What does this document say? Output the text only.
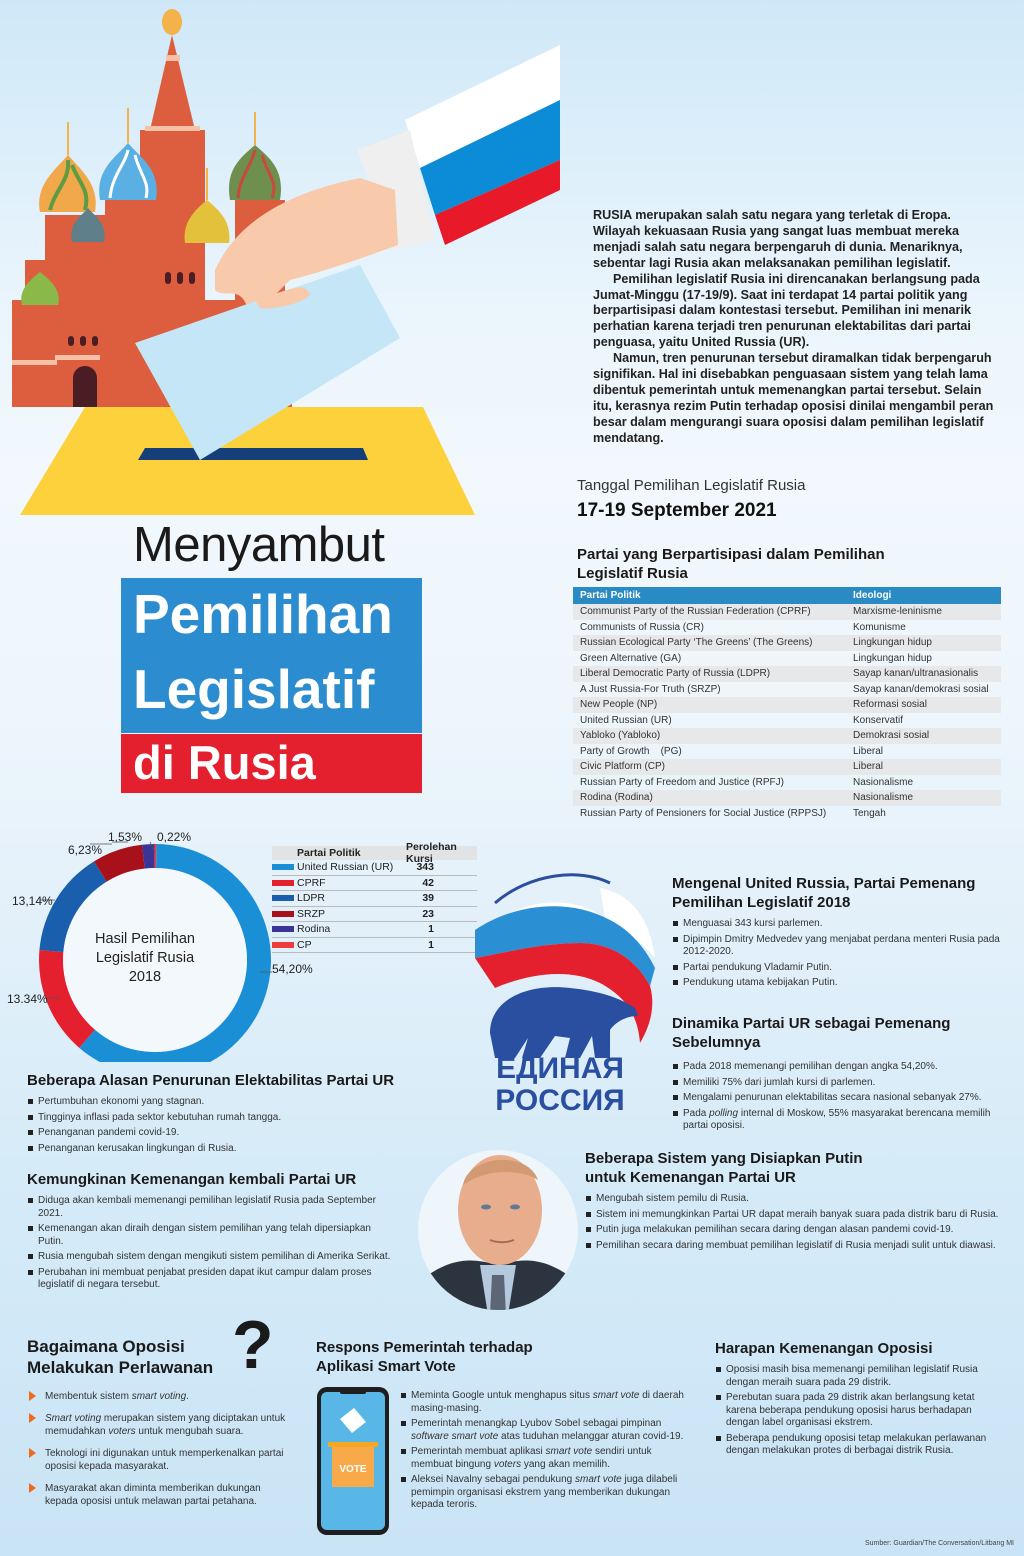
RUSIA merupakan salah satu negara yang terletak di Eropa. Wilayah kekuasaan Rusia yang sangat luas membuat mereka menjadi salah satu negara berpengaruh di dunia. Menariknya, sebentar lagi Rusia akan melaksanakan pemilihan legislatif.

Pemilihan legislatif Rusia ini direncanakan berlangsung pada Jumat-Minggu (17-19/9). Saat ini terdapat 14 partai politik yang berpartisipasi dalam kontestasi tersebut. Pemilihan ini menarik perhatian karena terjadi tren penurunan elektabilitas dari partai penguasa, yaitu United Russia (UR).

Namun, tren penurunan tersebut diramalkan tidak berpengaruh signifikan. Hal ini disebabkan penguasaan sistem yang telah lama dibentuk pemerintah untuk memenangkan partai tersebut. Selain itu, kerasnya rezim Putin terhadap oposisi dinilai mengambil peran besar dalam mengurangi suara oposisi dalam pemilihan legislatif mendatang.

Tanggal Pemilihan Legislatif Rusia
17-19 September 2021
Menyambut
Pemilihan
Legislatif
di Rusia
Partai yang Berpartisipasi dalam Pemilihan Legislatif Rusia
Partai Politik	Ideologi
Communist Party of the Russian Federation (CPRF)	Marxisme-leninisme
Communists of Russia (CR)	Komunisme
Russian Ecological Party ‘The Greens’ (The Greens)	Lingkungan hidup
Green Alternative (GA)	Lingkungan hidup
Liberal Democratic Party of Russia (LDPR)	Sayap kanan/ultranasionalis
A Just Russia-For Truth (SRZP)	Sayap kanan/demokrasi sosial
New People (NP)	Reformasi sosial
United Russian (UR)	Konservatif
Yabloko (Yabloko)	Demokrasi sosial
Party of Growth    (PG)	Liberal
Civic Platform (CP)	Liberal
Russian Party of Freedom and Justice (RPFJ)	Nasionalisme
Rodina (Rodina)	Nasionalisme
Russian Party of Pensioners for Social Justice (RPPSJ)	Tengah
Hasil Pemilihan Legislatif Rusia 2018	54,20%
13.34%
13,14%
6,23%
1,53% 0,22%
Partai Politik	Perolehan Kursi
United Russian (UR)	343
CPRF	42
LDPR	39
SRZP	23
Rodina	1
CP	1
ЕДИНАЯ
РОССИЯ
Mengenal United Russia, Partai Pemenang Pemilihan Legislatif 2018
Menguasai 343 kursi parlemen.
Dipimpin Dmitry Medvedev yang menjabat perdana menteri Rusia pada 2012-2020.
Partai pendukung Vladamir Putin.
Pendukung utama kebijakan Putin.
Dinamika Partai UR sebagai Pemenang Sebelumnya
Pada 2018 memenangi pemilihan dengan angka 54,20%.
Memiliki 75% dari jumlah kursi di parlemen.
Mengalami penurunan elektabilitas secara nasional sebanyak 27%.
Pada polling internal di Moskow, 55% masyarakat berencana memilih partai oposisi.
Beberapa Alasan Penurunan Elektabilitas Partai UR
Pertumbuhan ekonomi yang stagnan.
Tingginya inflasi pada sektor kebutuhan rumah tangga.
Penanganan pandemi covid-19.
Penanganan kerusakan lingkungan di Rusia.
Kemungkinan Kemenangan kembali Partai UR
Diduga akan kembali memenangi pemilihan legislatif Rusia pada September 2021.
Kemenangan akan diraih dengan sistem pemilihan yang telah dipersiapkan Putin.
Rusia mengubah sistem dengan mengikuti sistem pemilihan di Amerika Serikat.
Perubahan ini membuat penjabat presiden dapat ikut campur dalam proses legislatif di negara tersebut.
Beberapa Sistem yang Disiapkan Putin untuk Kemenangan Partai UR
Mengubah sistem pemilu di Rusia.
Sistem ini memungkinkan Partai UR dapat meraih banyak suara pada distrik baru di Rusia.
Putin juga melakukan pemilihan secara daring dengan alasan pandemi covid-19.
Pemilihan secara daring membuat pemilihan legislatif di Rusia menjadi sulit untuk diawasi.
Bagaimana Oposisi
Melakukan Perlawanan
Membentuk sistem smart voting.
Smart voting merupakan sistem yang diciptakan untuk memudahkan voters untuk mengubah suara.
Teknologi ini digunakan untuk memperkenalkan partai oposisi kepada masyarakat.
Masyarakat akan diminta memberikan dukungan kepada oposisi untuk melawan partai petahana.
?	Respons Pemerintah terhadap
Aplikasi Smart Vote
VOTE
Meminta Google untuk menghapus situs smart vote di daerah masing-masing.
Pemerintah menangkap Lyubov Sobel sebagai pimpinan software smart vote atas tuduhan melanggar aturan covid-19.
Pemerintah membuat aplikasi smart vote sendiri untuk membuat bingung voters yang akan memilih.
Aleksei Navalny sebagai pendukung smart vote juga dilabeli pemimpin organisasi ekstrem yang memberikan dukungan kepada teroris.
Harapan Kemenangan Oposisi
Oposisi masih bisa memenangi pemilihan legislatif Rusia dengan meraih suara pada 29 distrik.
Perebutan suara pada 29 distrik akan berlangsung ketat karena beberapa pendukung oposisi harus berhadapan dengan label organisasi ekstrem.
Beberapa pendukung oposisi tetap melakukan perlawanan dengan melakukan protes di berbagai distrik Rusia.
Sumber: Guardian/The Conversation/Litbang MI
